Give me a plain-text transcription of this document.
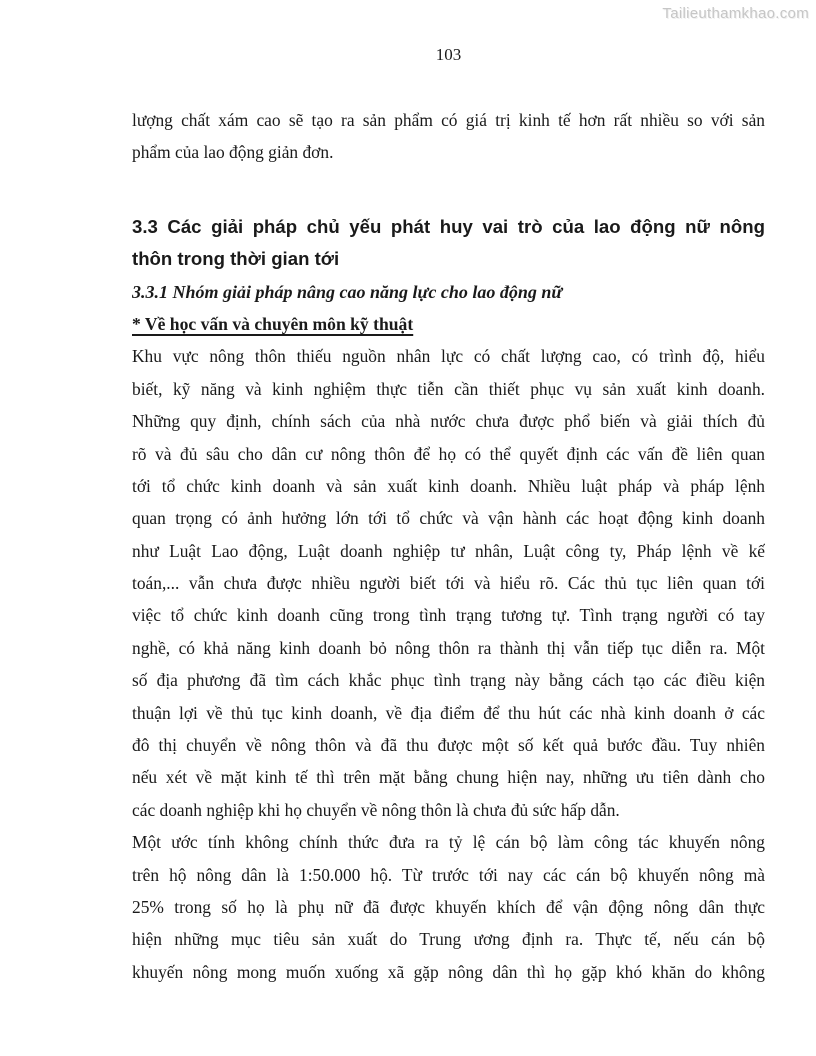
Tailieuthamkhao.com
103
lượng chất xám cao sẽ tạo ra sản phẩm có giá trị kinh tế hơn rất nhiều so với sản
phẩm của lao động giản đơn.
3.3 Các giải pháp chủ yếu phát huy vai trò của lao động nữ nông
thôn trong thời gian tới
3.3.1 Nhóm giải pháp nâng cao năng lực cho lao động nữ
* Về học vấn và chuyên môn kỹ thuật
Khu vực nông thôn thiếu nguồn nhân lực có chất lượng cao, có trình độ, hiểu
biết, kỹ năng và kinh nghiệm thực tiễn cần thiết phục vụ sản xuất kinh doanh.
Những quy định, chính sách của nhà nước chưa được phổ biến và giải thích đủ
rõ và đủ sâu cho dân cư nông thôn để họ có thể quyết định các vấn đề liên quan
tới tổ chức kinh doanh và sản xuất kinh doanh. Nhiều luật pháp và pháp lệnh
quan trọng có ảnh hưởng lớn tới tổ chức và vận hành các hoạt động kinh doanh
như Luật Lao động, Luật doanh nghiệp tư nhân, Luật công ty, Pháp lệnh về kế
toán,... vẫn chưa được nhiều người biết tới và hiểu rõ. Các thủ tục liên quan tới
việc tổ chức kinh doanh cũng trong tình trạng tương tự. Tình trạng người có tay
nghề, có khả năng kinh doanh bỏ nông thôn ra thành thị vẫn tiếp tục diễn ra. Một
số địa phương đã tìm cách khắc phục tình trạng này bằng cách tạo các điều kiện
thuận lợi về thủ tục kinh doanh, về địa điểm để thu hút các nhà kinh doanh ở các
đô thị chuyển về nông thôn và đã thu được một số kết quả bước đầu. Tuy nhiên
nếu xét về mặt kinh tế thì trên mặt bằng chung hiện nay, những ưu tiên dành cho
các doanh nghiệp khi họ chuyển về nông thôn là chưa đủ sức hấp dẫn.
Một ước tính không chính thức đưa ra tỷ lệ cán bộ làm công tác khuyến nông
trên hộ nông dân là 1:50.000 hộ. Từ trước tới nay các cán bộ khuyến nông mà
25% trong số họ là phụ nữ đã được khuyến khích để vận động nông dân thực
hiện những mục tiêu sản xuất do Trung ương định ra. Thực tế, nếu cán bộ
khuyến nông mong muốn xuống xã gặp nông dân thì họ gặp khó khăn do không
